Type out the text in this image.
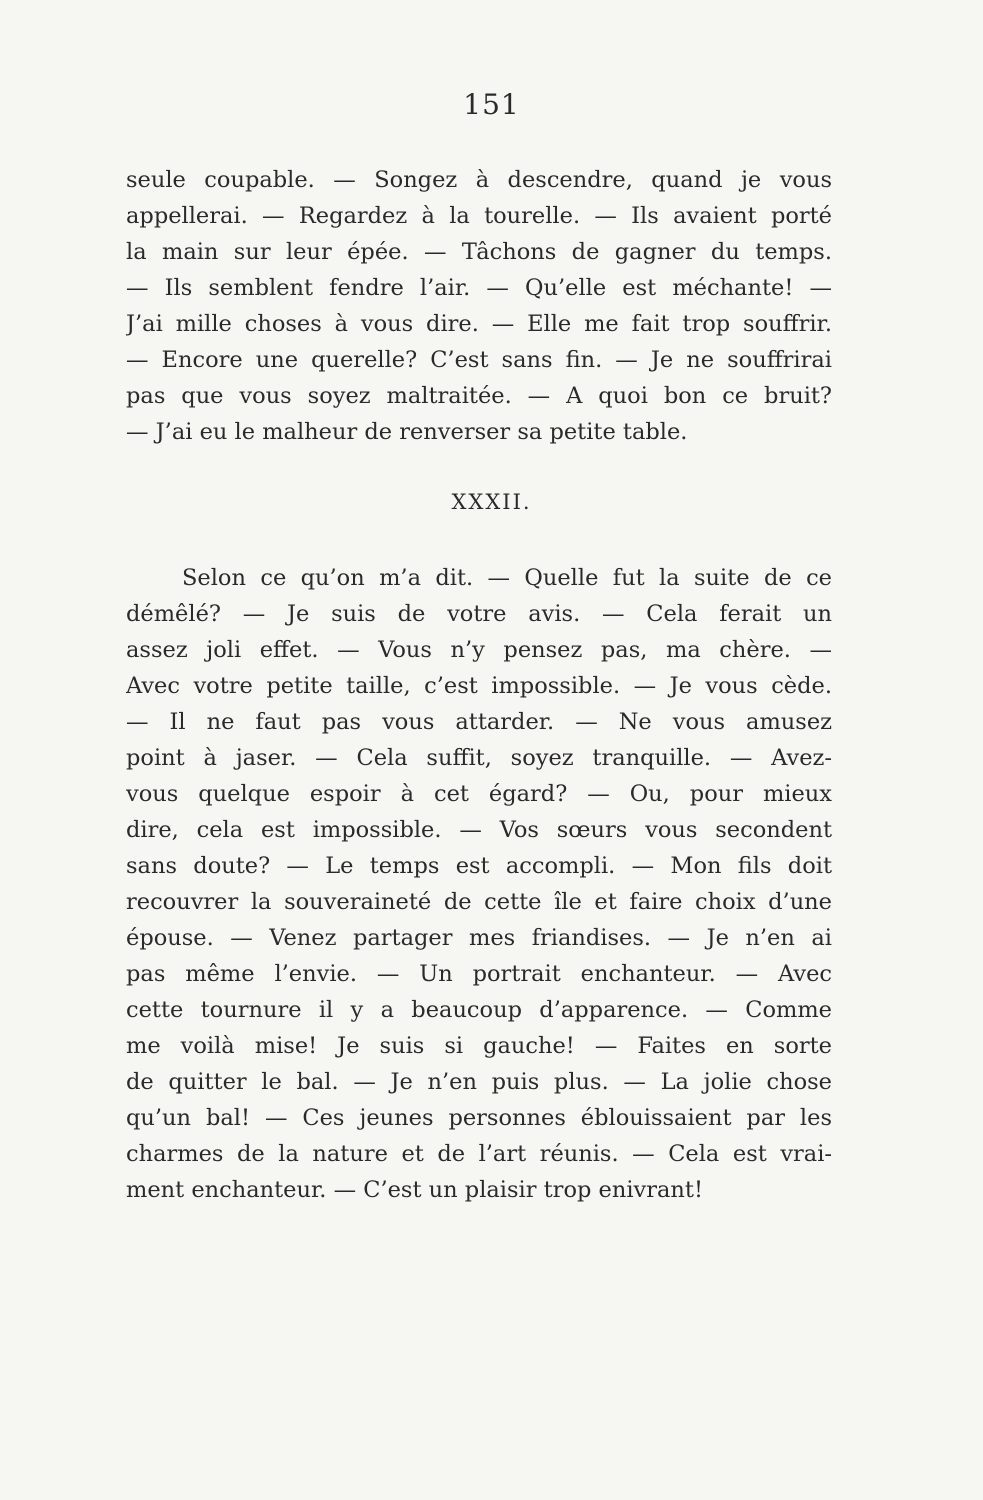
151
seule coupable. — Songez à descendre, quand je vous
appellerai. — Regardez à la tourelle. — Ils avaient porté
la main sur leur épée. — Tâchons de gagner du temps.
— Ils semblent fendre l’air. — Qu’elle est méchante! —
J’ai mille choses à vous dire. — Elle me fait trop souffrir.
— Encore une querelle? C’est sans fin. — Je ne souffrirai
pas que vous soyez maltraitée. — A quoi bon ce bruit?
— J’ai eu le malheur de renverser sa petite table.
XXXII.
Selon ce qu’on m’a dit. — Quelle fut la suite de ce
démêlé? — Je suis de votre avis. — Cela ferait un
assez joli effet. — Vous n’y pensez pas, ma chère. —
Avec votre petite taille, c’est impossible. — Je vous cède.
— Il ne faut pas vous attarder. — Ne vous amusez
point à jaser. — Cela suffit, soyez tranquille. — Avez-
vous quelque espoir à cet égard? — Ou, pour mieux
dire, cela est impossible. — Vos sœurs vous secondent
sans doute? — Le temps est accompli. — Mon fils doit
recouvrer la souveraineté de cette île et faire choix d’une
épouse. — Venez partager mes friandises. — Je n’en ai
pas même l’envie. — Un portrait enchanteur. — Avec
cette tournure il y a beaucoup d’apparence. — Comme
me voilà mise! Je suis si gauche! — Faites en sorte
de quitter le bal. — Je n’en puis plus. — La jolie chose
qu’un bal! — Ces jeunes personnes éblouissaient par les
charmes de la nature et de l’art réunis. — Cela est vrai-
ment enchanteur. — C’est un plaisir trop enivrant!
